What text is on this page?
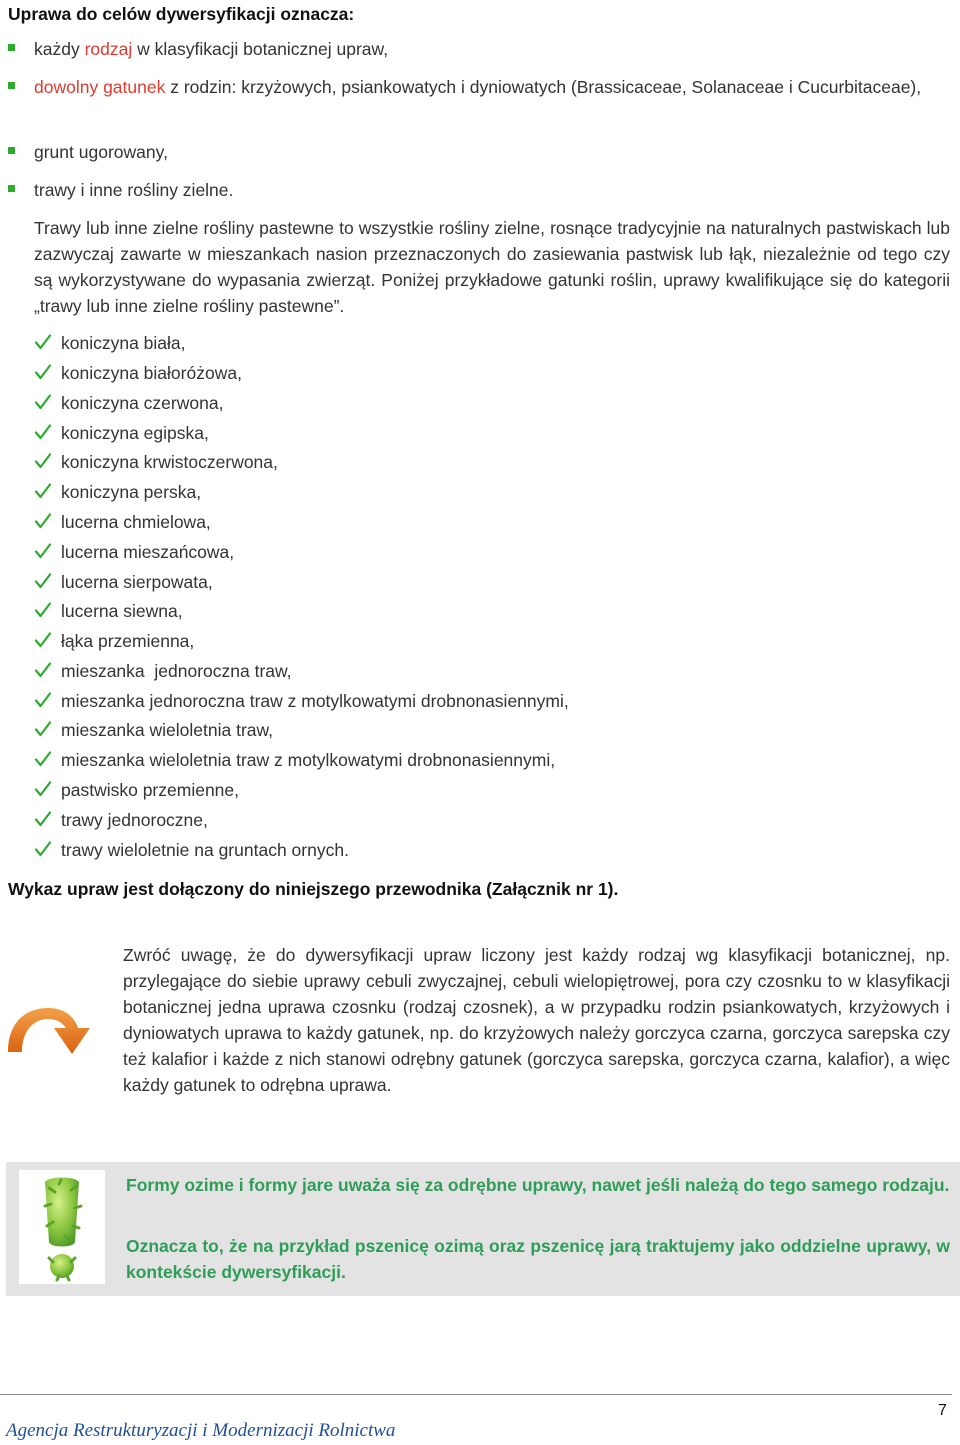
Uprawa do celów dywersyfikacji oznacza:
każdy rodzaj w klasyfikacji botanicznej upraw,
dowolny gatunek z rodzin: krzyżowych, psiankowatych i dyniowatych (Brassicaceae, Solanaceae i Cucurbitaceae),
grunt ugorowany,
trawy i inne rośliny zielne.
Trawy lub inne zielne rośliny pastewne to wszystkie rośliny zielne, rosnące tradycyjnie na naturalnych pastwiskach lub zazwyczaj zawarte w mieszankach nasion przeznaczonych do zasiewania pastwisk lub łąk, niezależnie od tego czy są wykorzystywane do wypasania zwierząt. Poniżej przykładowe gatunki roślin, uprawy kwalifikujące się do kategorii „trawy lub inne zielne rośliny pastewne”.
koniczyna biała,
koniczyna białoróżowa,
koniczyna czerwona,
koniczyna egipska,
koniczyna krwistoczerwona,
koniczyna perska,
lucerna chmielowa,
lucerna mieszańcowa,
lucerna sierpowata,
lucerna siewna,
łąka przemienna,
mieszanka  jednoroczna traw,
mieszanka jednoroczna traw z motylkowatymi drobnonasiennymi,
mieszanka wieloletnia traw,
mieszanka wieloletnia traw z motylkowatymi drobnonasiennymi,
pastwisko przemienne,
trawy jednoroczne,
trawy wieloletnie na gruntach ornych.
Wykaz upraw jest dołączony do niniejszego przewodnika (Załącznik nr 1).
Zwróć uwagę, że do dywersyfikacji upraw liczony jest każdy rodzaj wg klasyfikacji botanicznej, np. przylegające do siebie uprawy cebuli zwyczajnej, cebuli wielopiętrowej, pora czy czosnku to w klasyfikacji botanicznej jedna uprawa czosnku (rodzaj czosnek), a w przypadku rodzin psiankowatych, krzyżowych i dyniowatych uprawa to każdy gatunek, np. do krzyżowych należy gorczyca czarna, gorczyca sarepska czy też kalafior i każde z nich stanowi odrębny gatunek (gorczyca sarepska, gorczyca czarna, kalafior), a więc każdy gatunek to odrębna uprawa.
Formy ozime i formy jare uważa się za odrębne uprawy, nawet jeśli należą do tego samego rodzaju.
Oznacza to, że na przykład pszenicę ozimą oraz pszenicę jarą traktujemy jako oddzielne uprawy, w kontekście dywersyfikacji.
7
Agencja Restrukturyzacji i Modernizacji Rolnictwa
